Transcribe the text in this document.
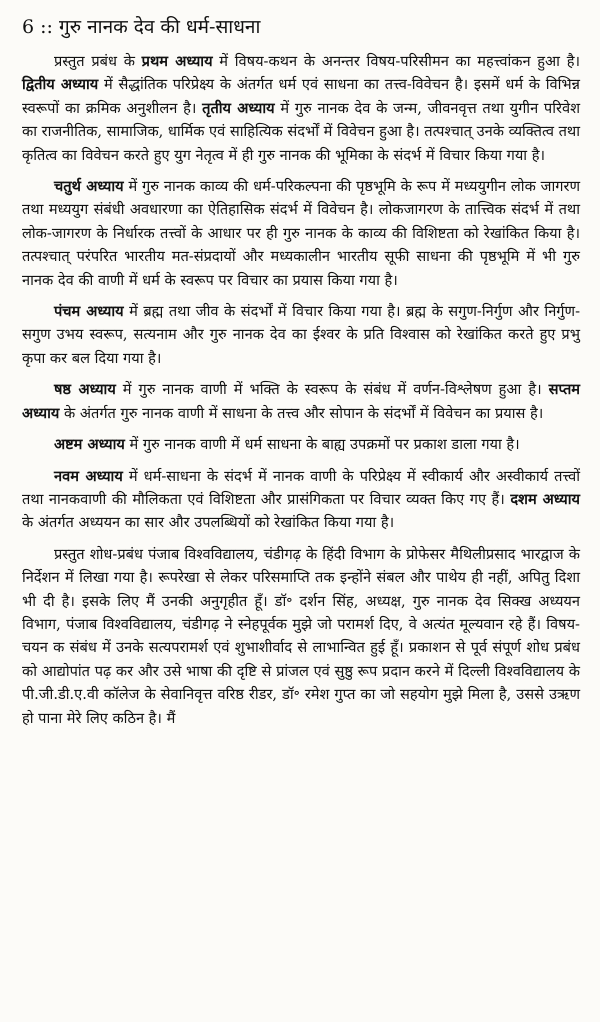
6 :: गुरु नानक देव की धर्म-साधना

प्रस्तुत प्रबंध के प्रथम अध्याय में विषय-कथन के अनन्तर विषय-परिसीमन का महत्त्वांकन हुआ है। द्वितीय अध्याय में सैद्धांतिक परिप्रेक्ष्य के अंतर्गत धर्म एवं साधना का तत्त्व-विवेचन है। इसमें धर्म के विभिन्न स्वरूपों का क्रमिक अनुशीलन है। तृतीय अध्याय में गुरु नानक देव के जन्म, जीवनवृत्त तथा युगीन परिवेश का राजनीतिक, सामाजिक, धार्मिक एवं साहित्यिक संदर्भों में विवेचन हुआ है। तत्पश्चात् उनके व्यक्तित्व तथा कृतित्व का विवेचन करते हुए युग नेतृत्व में ही गुरु नानक की भूमिका के संदर्भ में विचार किया गया है।

चतुर्थ अध्याय में गुरु नानक काव्य की धर्म-परिकल्पना की पृष्ठभूमि के रूप में मध्ययुगीन लोक जागरण तथा मध्ययुग संबंधी अवधारणा का ऐतिहासिक संदर्भ में विवेचन है। लोकजागरण के तात्त्विक संदर्भ में तथा लोक-जागरण के निर्धारक तत्त्वों के आधार पर ही गुरु नानक के काव्य की विशिष्टता को रेखांकित किया है। तत्पश्चात् परंपरित भारतीय मत-संप्रदायों और मध्यकालीन भारतीय सूफी साधना की पृष्ठभूमि में भी गुरु नानक देव की वाणी में धर्म के स्वरूप पर विचार का प्रयास किया गया है।

पंचम अध्याय में ब्रह्म तथा जीव के संदर्भों में विचार किया गया है। ब्रह्म के सगुण-निर्गुण और निर्गुण-सगुण उभय स्वरूप, सत्यनाम और गुरु नानक देव का ईश्वर के प्रति विश्वास को रेखांकित करते हुए प्रभु कृपा कर बल दिया गया है।

षष्ठ अध्याय में गुरु नानक वाणी में भक्ति के स्वरूप के संबंध में वर्णन-विश्लेषण हुआ है। सप्तम अध्याय के अंतर्गत गुरु नानक वाणी में साधना के तत्त्व और सोपान के संदर्भों में विवेचन का प्रयास है।

अष्टम अध्याय में गुरु नानक वाणी में धर्म साधना के बाह्य उपक्रमों पर प्रकाश डाला गया है।

नवम अध्याय में धर्म-साधना के संदर्भ में नानक वाणी के परिप्रेक्ष्य में स्वीकार्य और अस्वीकार्य तत्त्वों तथा नानकवाणी की मौलिकता एवं विशिष्टता और प्रासंगिकता पर विचार व्यक्त किए गए हैं। दशम अध्याय के अंतर्गत अध्ययन का सार और उपलब्धियों को रेखांकित किया गया है।

प्रस्तुत शोध-प्रबंध पंजाब विश्वविद्यालय, चंडीगढ़ के हिंदी विभाग के प्रोफेसर मैथिलीप्रसाद भारद्वाज के निर्देशन में लिखा गया है। रूपरेखा से लेकर परिसमाप्ति तक इन्होंने संबल और पाथेय ही नहीं, अपितु दिशा भी दी है। इसके लिए मैं उनकी अनुगृहीत हूँ। डॉ॰ दर्शन सिंह, अध्यक्ष, गुरु नानक देव सिक्ख अध्ययन विभाग, पंजाब विश्वविद्यालय, चंडीगढ़ ने स्नेहपूर्वक मुझे जो परामर्श दिए, वे अत्यंत मूल्यवान रहे हैं। विषय-चयन क संबंध में उनके सत्यपरामर्श एवं शुभाशीर्वाद से लाभान्वित हुई हूँ। प्रकाशन से पूर्व संपूर्ण शोध प्रबंध को आद्योपांत पढ़ कर और उसे भाषा की दृष्टि से प्रांजल एवं सुष्ठु रूप प्रदान करने में दिल्ली विश्वविद्यालय के पी.जी.डी.ए.वी कॉलेज के सेवानिवृत्त वरिष्ठ रीडर, डॉ॰ रमेश गुप्त का जो सहयोग मुझे मिला है, उससे उऋण हो पाना मेरे लिए कठिन है। मैं
